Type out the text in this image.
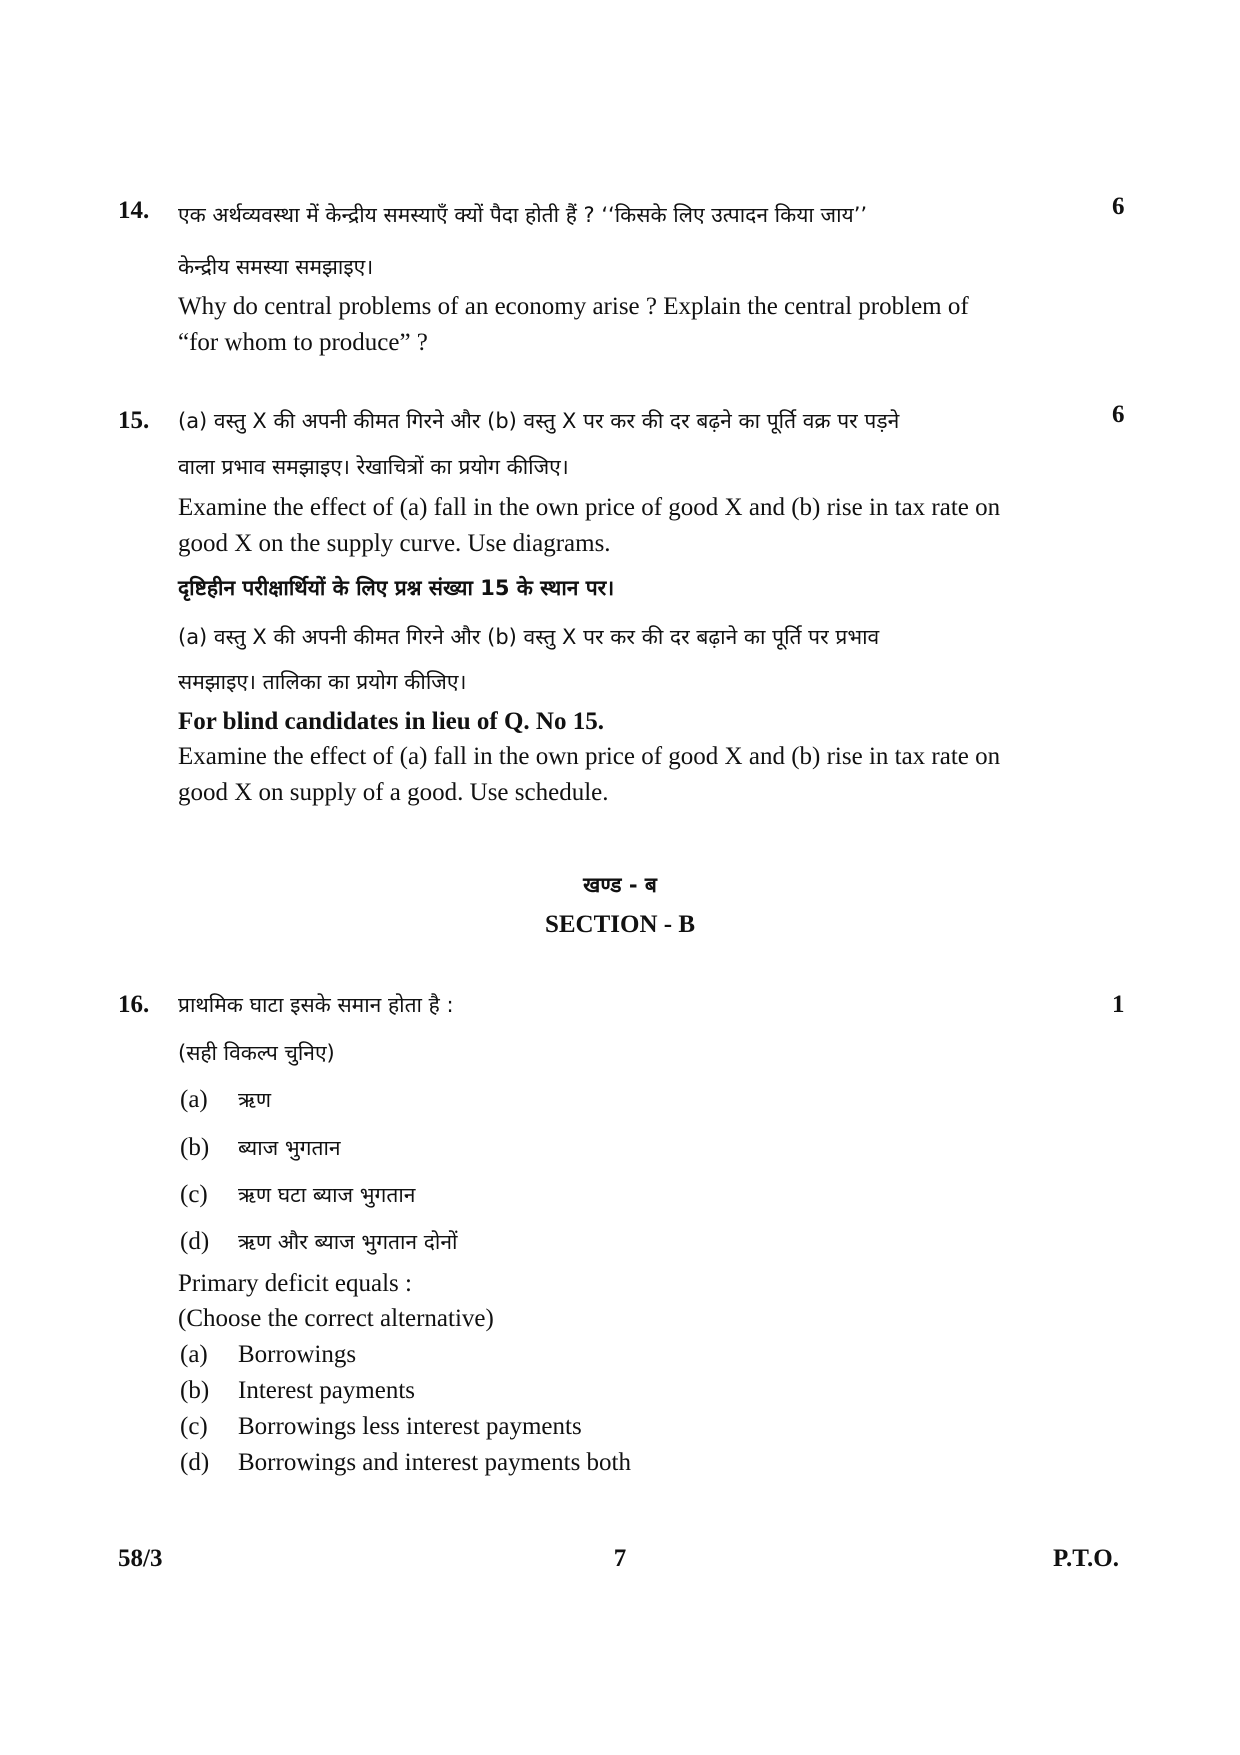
14. एक अर्थव्यवस्था में केन्द्रीय समस्याएँ क्यों पैदा होती हैं ? ‘‘किसके लिए उत्पादन किया जाय’’	6
केन्द्रीय समस्या समझाइए।
Why do central problems of an economy arise ? Explain the central problem of
“for whom to produce” ?
15. (a) वस्तु X की अपनी कीमत गिरने और (b) वस्तु X पर कर की दर बढ़ने का पूर्ति वक्र पर पड़ने	6
वाला प्रभाव समझाइए। रेखाचित्रों का प्रयोग कीजिए।
Examine the effect of (a) fall in the own price of good X and (b) rise in tax rate on
good X on the supply curve. Use diagrams.
दृष्टिहीन परीक्षार्थियों के लिए प्रश्न संख्या 15 के स्थान पर।
(a) वस्तु X की अपनी कीमत गिरने और (b) वस्तु X पर कर की दर बढ़ाने का पूर्ति पर प्रभाव
समझाइए। तालिका का प्रयोग कीजिए।
For blind candidates in lieu of Q. No 15.
Examine the effect of (a) fall in the own price of good X and (b) rise in tax rate on
good X on supply of a good. Use schedule.
खण्ड - ब
SECTION - B
16. प्राथमिक घाटा इसके समान होता है :	1
(सही विकल्प चुनिए)
(a) ऋण
(b) ब्याज भुगतान
(c) ऋण घटा ब्याज भुगतान
(d) ऋण और ब्याज भुगतान दोनों
Primary deficit equals :
(Choose the correct alternative)
(a) Borrowings
(b) Interest payments
(c) Borrowings less interest payments
(d) Borrowings and interest payments both
58/3	7	P.T.O.
